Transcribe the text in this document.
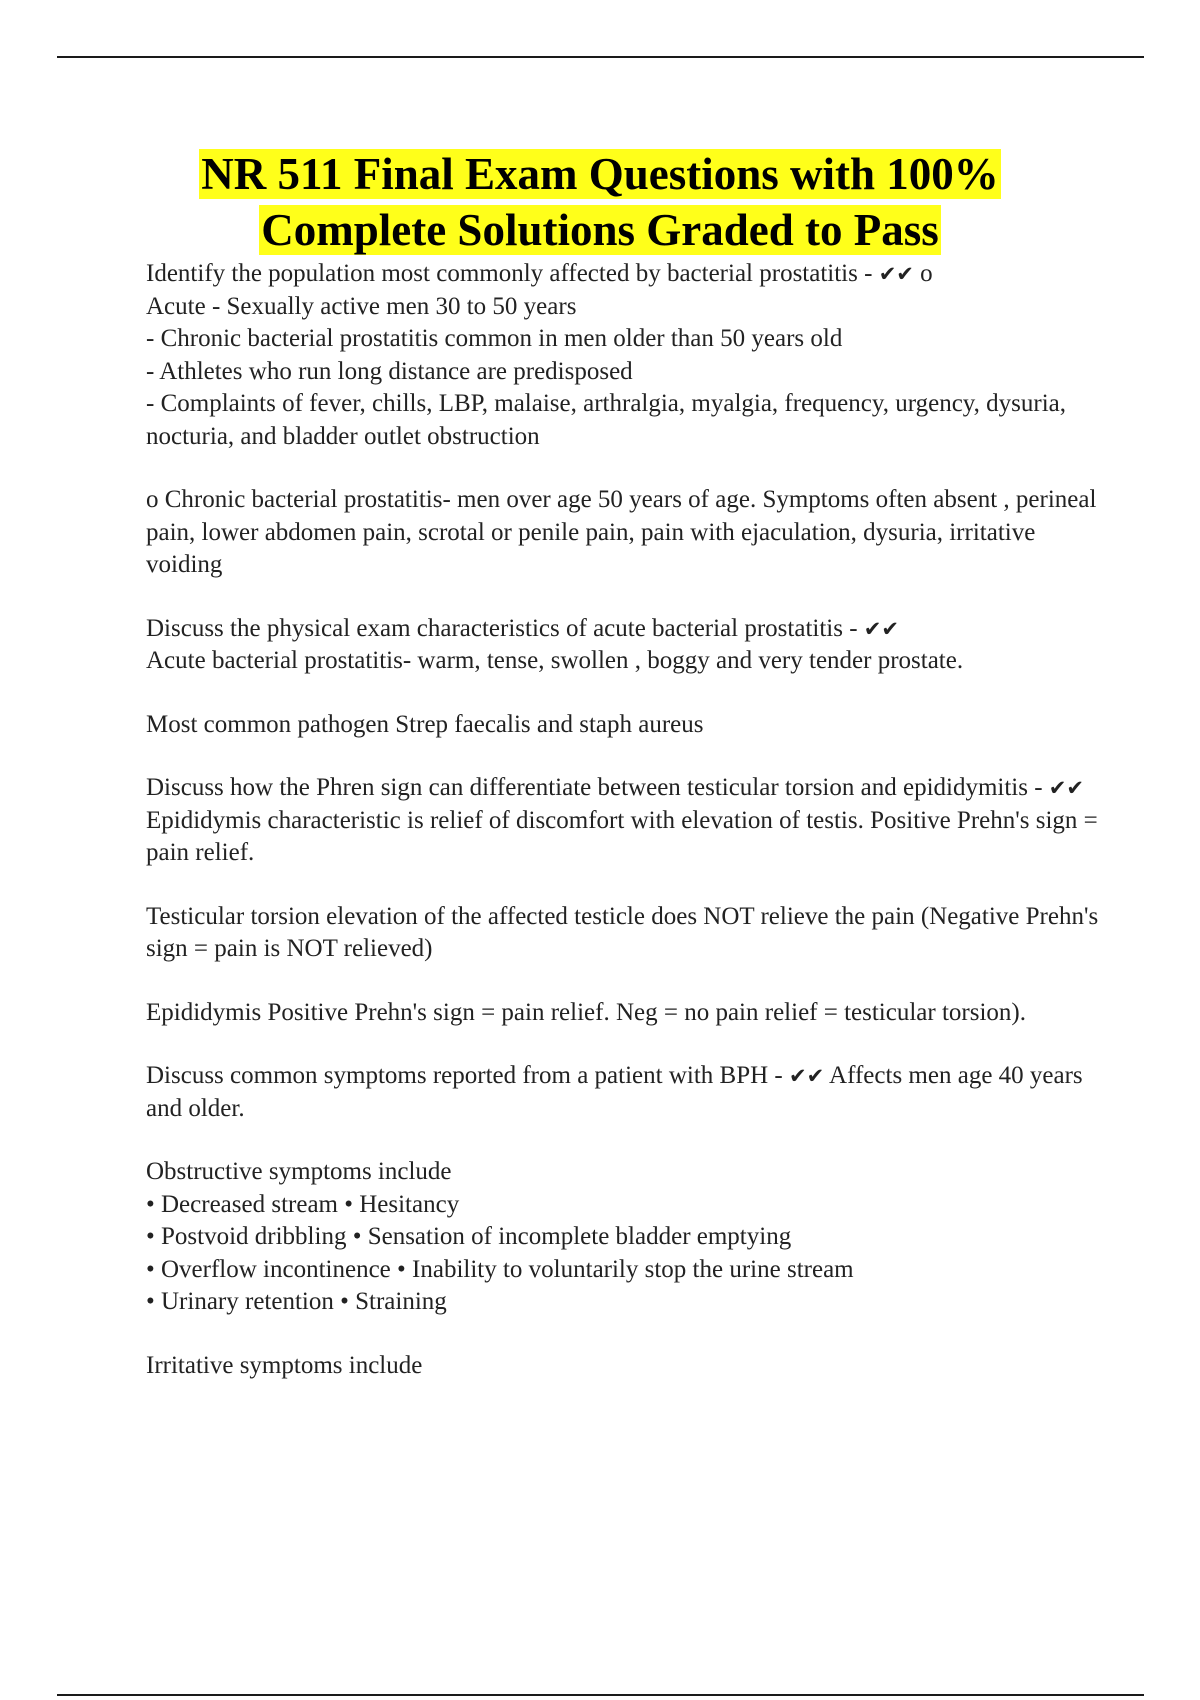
NR 511 Final Exam Questions with 100%
Complete Solutions Graded to Pass

Identify the population most commonly affected by bacterial prostatitis - ✔✔ o
Acute - Sexually active men 30 to 50 years
- Chronic bacterial prostatitis common in men older than 50 years old
- Athletes who run long distance are predisposed
- Complaints of fever, chills, LBP, malaise, arthralgia, myalgia, frequency, urgency, dysuria, nocturia, and bladder outlet obstruction

o Chronic bacterial prostatitis- men over age 50 years of age. Symptoms often absent , perineal pain, lower abdomen pain, scrotal or penile pain, pain with ejaculation, dysuria, irritative voiding

Discuss the physical exam characteristics of acute bacterial prostatitis - ✔✔
Acute bacterial prostatitis- warm, tense, swollen , boggy and very tender prostate.

Most common pathogen Strep faecalis and staph aureus

Discuss how the Phren sign can differentiate between testicular torsion and epididymitis - ✔✔ Epididymis characteristic is relief of discomfort with elevation of testis. Positive Prehn's sign = pain relief.

Testicular torsion elevation of the affected testicle does NOT relieve the pain (Negative Prehn's sign = pain is NOT relieved)

Epididymis Positive Prehn's sign = pain relief. Neg = no pain relief = testicular torsion).

Discuss common symptoms reported from a patient with BPH - ✔✔ Affects men age 40 years and older.

Obstructive symptoms include

• Decreased stream • Hesitancy

• Postvoid dribbling • Sensation of incomplete bladder emptying

• Overflow incontinence • Inability to voluntarily stop the urine stream

• Urinary retention • Straining

Irritative symptoms include
